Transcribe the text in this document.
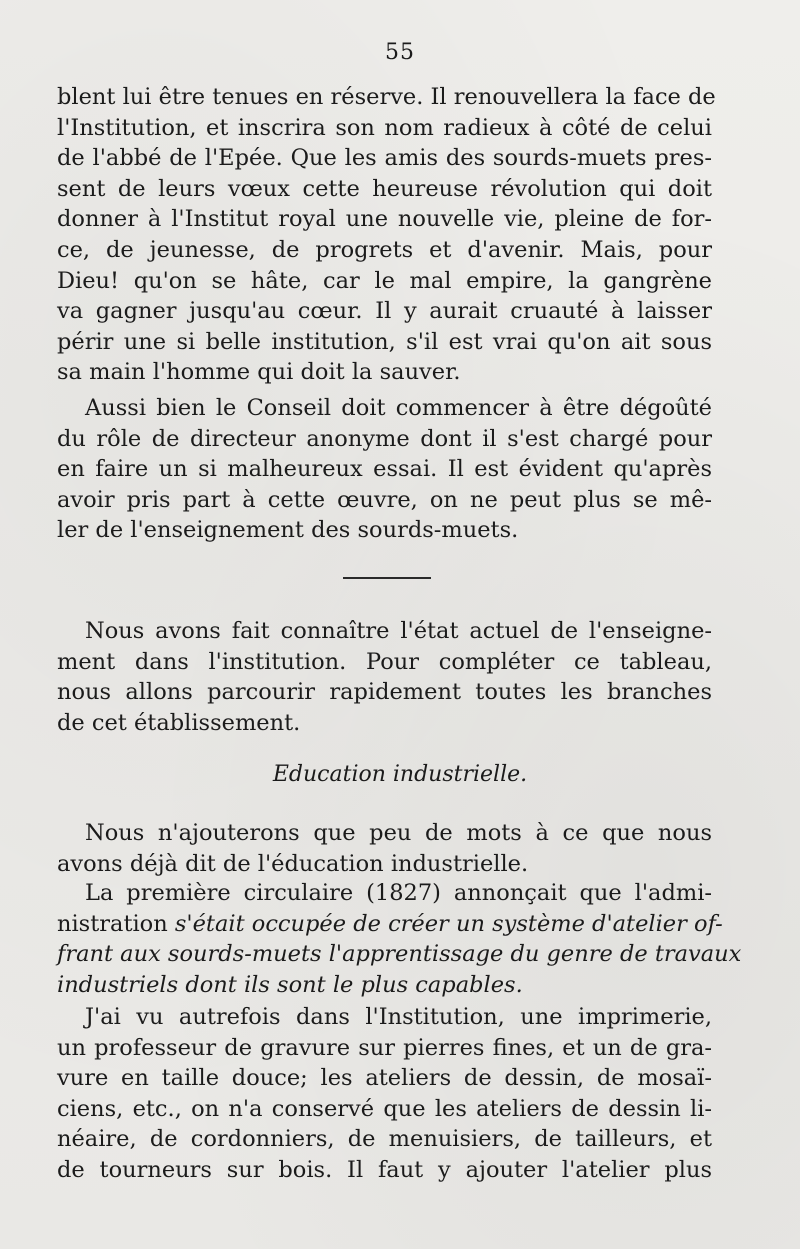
55
blent lui être tenues en réserve. Il renouvellera la face de
l'Institution, et inscrira son nom radieux à côté de celui
de l'abbé de l'Epée. Que les amis des sourds-muets pres-
sent de leurs vœux cette heureuse révolution qui doit
donner à l'Institut royal une nouvelle vie, pleine de for-
ce, de jeunesse, de progrets et d'avenir. Mais, pour
Dieu! qu'on se hâte, car le mal empire, la gangrène
va gagner jusqu'au cœur. Il y aurait cruauté à laisser
périr une si belle institution, s'il est vrai qu'on ait sous
sa main l'homme qui doit la sauver.
Aussi bien le Conseil doit commencer à être dégoûté
du rôle de directeur anonyme dont il s'est chargé pour
en faire un si malheureux essai. Il est évident qu'après
avoir pris part à cette œuvre, on ne peut plus se mê-
ler de l'enseignement des sourds-muets.
Nous avons fait connaître l'état actuel de l'enseigne-
ment dans l'institution. Pour compléter ce tableau,
nous allons parcourir rapidement toutes les branches
de cet établissement.
Education industrielle.
Nous n'ajouterons que peu de mots à ce que nous
avons déjà dit de l'éducation industrielle.
La première circulaire (1827) annonçait que l'admi-
nistration s'était occupée de créer un système d'atelier of-
frant aux sourds-muets l'apprentissage du genre de travaux
industriels dont ils sont le plus capables.
J'ai vu autrefois dans l'Institution, une imprimerie,
un professeur de gravure sur pierres fines, et un de gra-
vure en taille douce; les ateliers de dessin, de mosaï-
ciens, etc., on n'a conservé que les ateliers de dessin li-
néaire, de cordonniers, de menuisiers, de tailleurs, et
de tourneurs sur bois. Il faut y ajouter l'atelier plus
